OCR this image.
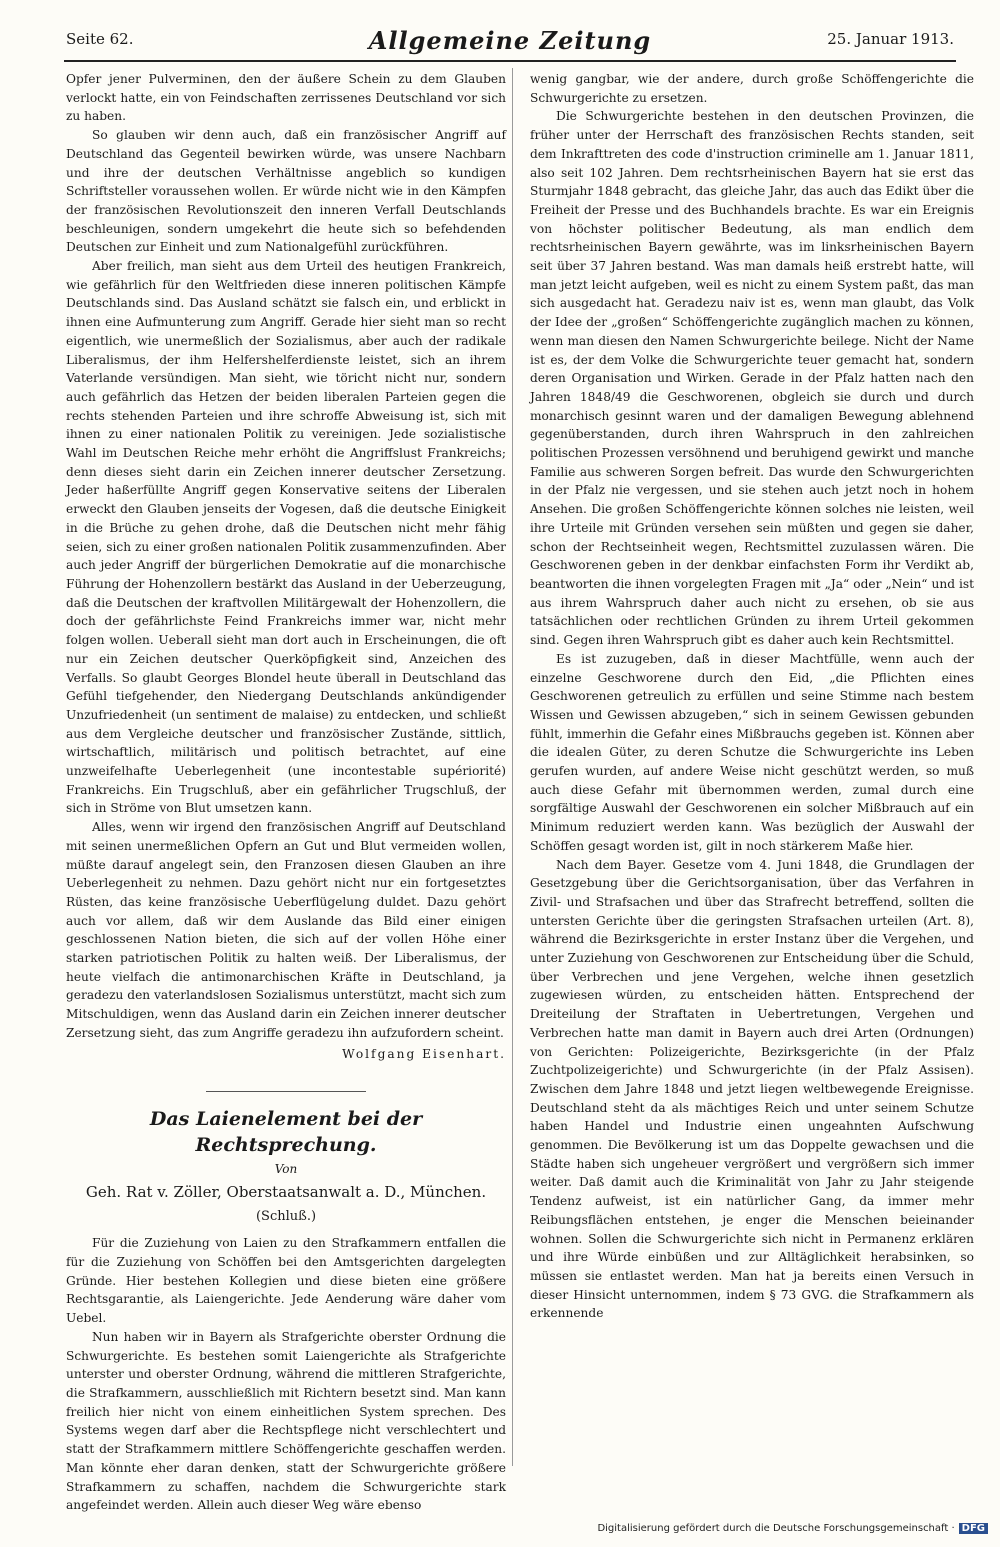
Seite 62.	Allgemeine Zeitung	25. Januar 1913.

Opfer jener Pulverminen, den der äußere Schein zu dem Glauben verlockt hatte, ein von Feindschaften zerrissenes Deutschland vor sich zu haben.

So glauben wir denn auch, daß ein französischer Angriff auf Deutschland das Gegenteil bewirken würde, was unsere Nachbarn und ihre der deutschen Verhältnisse angeblich so kundigen Schriftsteller voraussehen wollen. Er würde nicht wie in den Kämpfen der französischen Revolutionszeit den inneren Verfall Deutschlands beschleunigen, sondern umgekehrt die heute sich so befehdenden Deutschen zur Einheit und zum Nationalgefühl zurückführen.

Aber freilich, man sieht aus dem Urteil des heutigen Frankreich, wie gefährlich für den Weltfrieden diese inneren politischen Kämpfe Deutschlands sind. Das Ausland schätzt sie falsch ein, und erblickt in ihnen eine Aufmunterung zum Angriff. Gerade hier sieht man so recht eigentlich, wie unermeßlich der Sozialismus, aber auch der radikale Liberalismus, der ihm Helfershelferdienste leistet, sich an ihrem Vaterlande versündigen. Man sieht, wie töricht nicht nur, sondern auch gefährlich das Hetzen der beiden liberalen Parteien gegen die rechts stehenden Parteien und ihre schroffe Abweisung ist, sich mit ihnen zu einer nationalen Politik zu vereinigen. Jede sozialistische Wahl im Deutschen Reiche mehr erhöht die Angriffslust Frankreichs; denn dieses sieht darin ein Zeichen innerer deutscher Zersetzung. Jeder haßerfüllte Angriff gegen Konservative seitens der Liberalen erweckt den Glauben jenseits der Vogesen, daß die deutsche Einigkeit in die Brüche zu gehen drohe, daß die Deutschen nicht mehr fähig seien, sich zu einer großen nationalen Politik zusammenzufinden. Aber auch jeder Angriff der bürgerlichen Demokratie auf die monarchische Führung der Hohenzollern bestärkt das Ausland in der Ueberzeugung, daß die Deutschen der kraftvollen Militärgewalt der Hohenzollern, die doch der gefährlichste Feind Frankreichs immer war, nicht mehr folgen wollen. Ueberall sieht man dort auch in Erscheinungen, die oft nur ein Zeichen deutscher Querköpfigkeit sind, Anzeichen des Verfalls. So glaubt Georges Blondel heute überall in Deutschland das Gefühl tiefgehender, den Niedergang Deutschlands ankündigender Unzufriedenheit (un sentiment de malaise) zu entdecken, und schließt aus dem Vergleiche deutscher und französischer Zustände, sittlich, wirtschaftlich, militärisch und politisch betrachtet, auf eine unzweifelhafte Ueberlegenheit (une incontestable supériorité) Frankreichs. Ein Trugschluß, aber ein gefährlicher Trugschluß, der sich in Ströme von Blut umsetzen kann.

Alles, wenn wir irgend den französischen Angriff auf Deutschland mit seinen unermeßlichen Opfern an Gut und Blut vermeiden wollen, müßte darauf angelegt sein, den Franzosen diesen Glauben an ihre Ueberlegenheit zu nehmen. Dazu gehört nicht nur ein fortgesetztes Rüsten, das keine französische Ueberflügelung duldet. Dazu gehört auch vor allem, daß wir dem Auslande das Bild einer einigen geschlossenen Nation bieten, die sich auf der vollen Höhe einer starken patriotischen Politik zu halten weiß. Der Liberalismus, der heute vielfach die antimonarchischen Kräfte in Deutschland, ja geradezu den vaterlandslosen Sozialismus unterstützt, macht sich zum Mitschuldigen, wenn das Ausland darin ein Zeichen innerer deutscher Zersetzung sieht, das zum Angriffe geradezu ihn aufzufordern scheint.

Wolfgang Eisenhart.
Das Laienelement bei der Rechtsprechung.
Von
Geh. Rat v. Zöller, Oberstaatsanwalt a. D., München.
(Schluß.)

Für die Zuziehung von Laien zu den Strafkammern entfallen die für die Zuziehung von Schöffen bei den Amtsgerichten dargelegten Gründe. Hier bestehen Kollegien und diese bieten eine größere Rechtsgarantie, als Laiengerichte. Jede Aenderung wäre daher vom Uebel.

Nun haben wir in Bayern als Strafgerichte oberster Ordnung die Schwurgerichte. Es bestehen somit Laiengerichte als Strafgerichte unterster und oberster Ordnung, während die mittleren Strafgerichte, die Strafkammern, ausschließlich mit Richtern besetzt sind. Man kann freilich hier nicht von einem einheitlichen System sprechen. Des Systems wegen darf aber die Rechtspflege nicht verschlechtert und statt der Strafkammern mittlere Schöffengerichte geschaffen werden. Man könnte eher daran denken, statt der Schwurgerichte größere Strafkammern zu schaffen, nachdem die Schwurgerichte stark angefeindet werden. Allein auch dieser Weg wäre ebenso

wenig gangbar, wie der andere, durch große Schöffengerichte die Schwurgerichte zu ersetzen.

Die Schwurgerichte bestehen in den deutschen Provinzen, die früher unter der Herrschaft des französischen Rechts standen, seit dem Inkrafttreten des code d'instruction criminelle am 1. Januar 1811, also seit 102 Jahren. Dem rechtsrheinischen Bayern hat sie erst das Sturmjahr 1848 gebracht, das gleiche Jahr, das auch das Edikt über die Freiheit der Presse und des Buchhandels brachte. Es war ein Ereignis von höchster politischer Bedeutung, als man endlich dem rechtsrheinischen Bayern gewährte, was im linksrheinischen Bayern seit über 37 Jahren bestand. Was man damals heiß erstrebt hatte, will man jetzt leicht aufgeben, weil es nicht zu einem System paßt, das man sich ausgedacht hat. Geradezu naiv ist es, wenn man glaubt, das Volk der Idee der „großen“ Schöffengerichte zugänglich machen zu können, wenn man diesen den Namen Schwurgerichte beilege. Nicht der Name ist es, der dem Volke die Schwurgerichte teuer gemacht hat, sondern deren Organisation und Wirken. Gerade in der Pfalz hatten nach den Jahren 1848/49 die Geschworenen, obgleich sie durch und durch monarchisch gesinnt waren und der damaligen Bewegung ablehnend gegenüberstanden, durch ihren Wahrspruch in den zahlreichen politischen Prozessen versöhnend und beruhigend gewirkt und manche Familie aus schweren Sorgen befreit. Das wurde den Schwurgerichten in der Pfalz nie vergessen, und sie stehen auch jetzt noch in hohem Ansehen. Die großen Schöffengerichte können solches nie leisten, weil ihre Urteile mit Gründen versehen sein müßten und gegen sie daher, schon der Rechtseinheit wegen, Rechtsmittel zuzulassen wären. Die Geschworenen geben in der denkbar einfachsten Form ihr Verdikt ab, beantworten die ihnen vorgelegten Fragen mit „Ja“ oder „Nein“ und ist aus ihrem Wahrspruch daher auch nicht zu ersehen, ob sie aus tatsächlichen oder rechtlichen Gründen zu ihrem Urteil gekommen sind. Gegen ihren Wahrspruch gibt es daher auch kein Rechtsmittel.

Es ist zuzugeben, daß in dieser Machtfülle, wenn auch der einzelne Geschworene durch den Eid, „die Pflichten eines Geschworenen getreulich zu erfüllen und seine Stimme nach bestem Wissen und Gewissen abzugeben,“ sich in seinem Gewissen gebunden fühlt, immerhin die Gefahr eines Mißbrauchs gegeben ist. Können aber die idealen Güter, zu deren Schutze die Schwurgerichte ins Leben gerufen wurden, auf andere Weise nicht geschützt werden, so muß auch diese Gefahr mit übernommen werden, zumal durch eine sorgfältige Auswahl der Geschworenen ein solcher Mißbrauch auf ein Minimum reduziert werden kann. Was bezüglich der Auswahl der Schöffen gesagt worden ist, gilt in noch stärkerem Maße hier.

Nach dem Bayer. Gesetze vom 4. Juni 1848, die Grundlagen der Gesetzgebung über die Gerichtsorganisation, über das Verfahren in Zivil- und Strafsachen und über das Strafrecht betreffend, sollten die untersten Gerichte über die geringsten Strafsachen urteilen (Art. 8), während die Bezirksgerichte in erster Instanz über die Vergehen, und unter Zuziehung von Geschworenen zur Entscheidung über die Schuld, über Verbrechen und jene Vergehen, welche ihnen gesetzlich zugewiesen würden, zu entscheiden hätten. Entsprechend der Dreiteilung der Straftaten in Uebertretungen, Vergehen und Verbrechen hatte man damit in Bayern auch drei Arten (Ordnungen) von Gerichten: Polizeigerichte, Bezirksgerichte (in der Pfalz Zuchtpolizeigerichte) und Schwurgerichte (in der Pfalz Assisen). Zwischen dem Jahre 1848 und jetzt liegen weltbewegende Ereignisse. Deutschland steht da als mächtiges Reich und unter seinem Schutze haben Handel und Industrie einen ungeahnten Aufschwung genommen. Die Bevölkerung ist um das Doppelte gewachsen und die Städte haben sich ungeheuer vergrößert und vergrößern sich immer weiter. Daß damit auch die Kriminalität von Jahr zu Jahr steigende Tendenz aufweist, ist ein natürlicher Gang, da immer mehr Reibungsflächen entstehen, je enger die Menschen beieinander wohnen. Sollen die Schwurgerichte sich nicht in Permanenz erklären und ihre Würde einbüßen und zur Alltäglichkeit herabsinken, so müssen sie entlastet werden. Man hat ja bereits einen Versuch in dieser Hinsicht unternommen, indem § 73 GVG. die Strafkammern als erkennende

Digitalisierung gefördert durch die Deutsche Forschungsgemeinschaft · DFG
